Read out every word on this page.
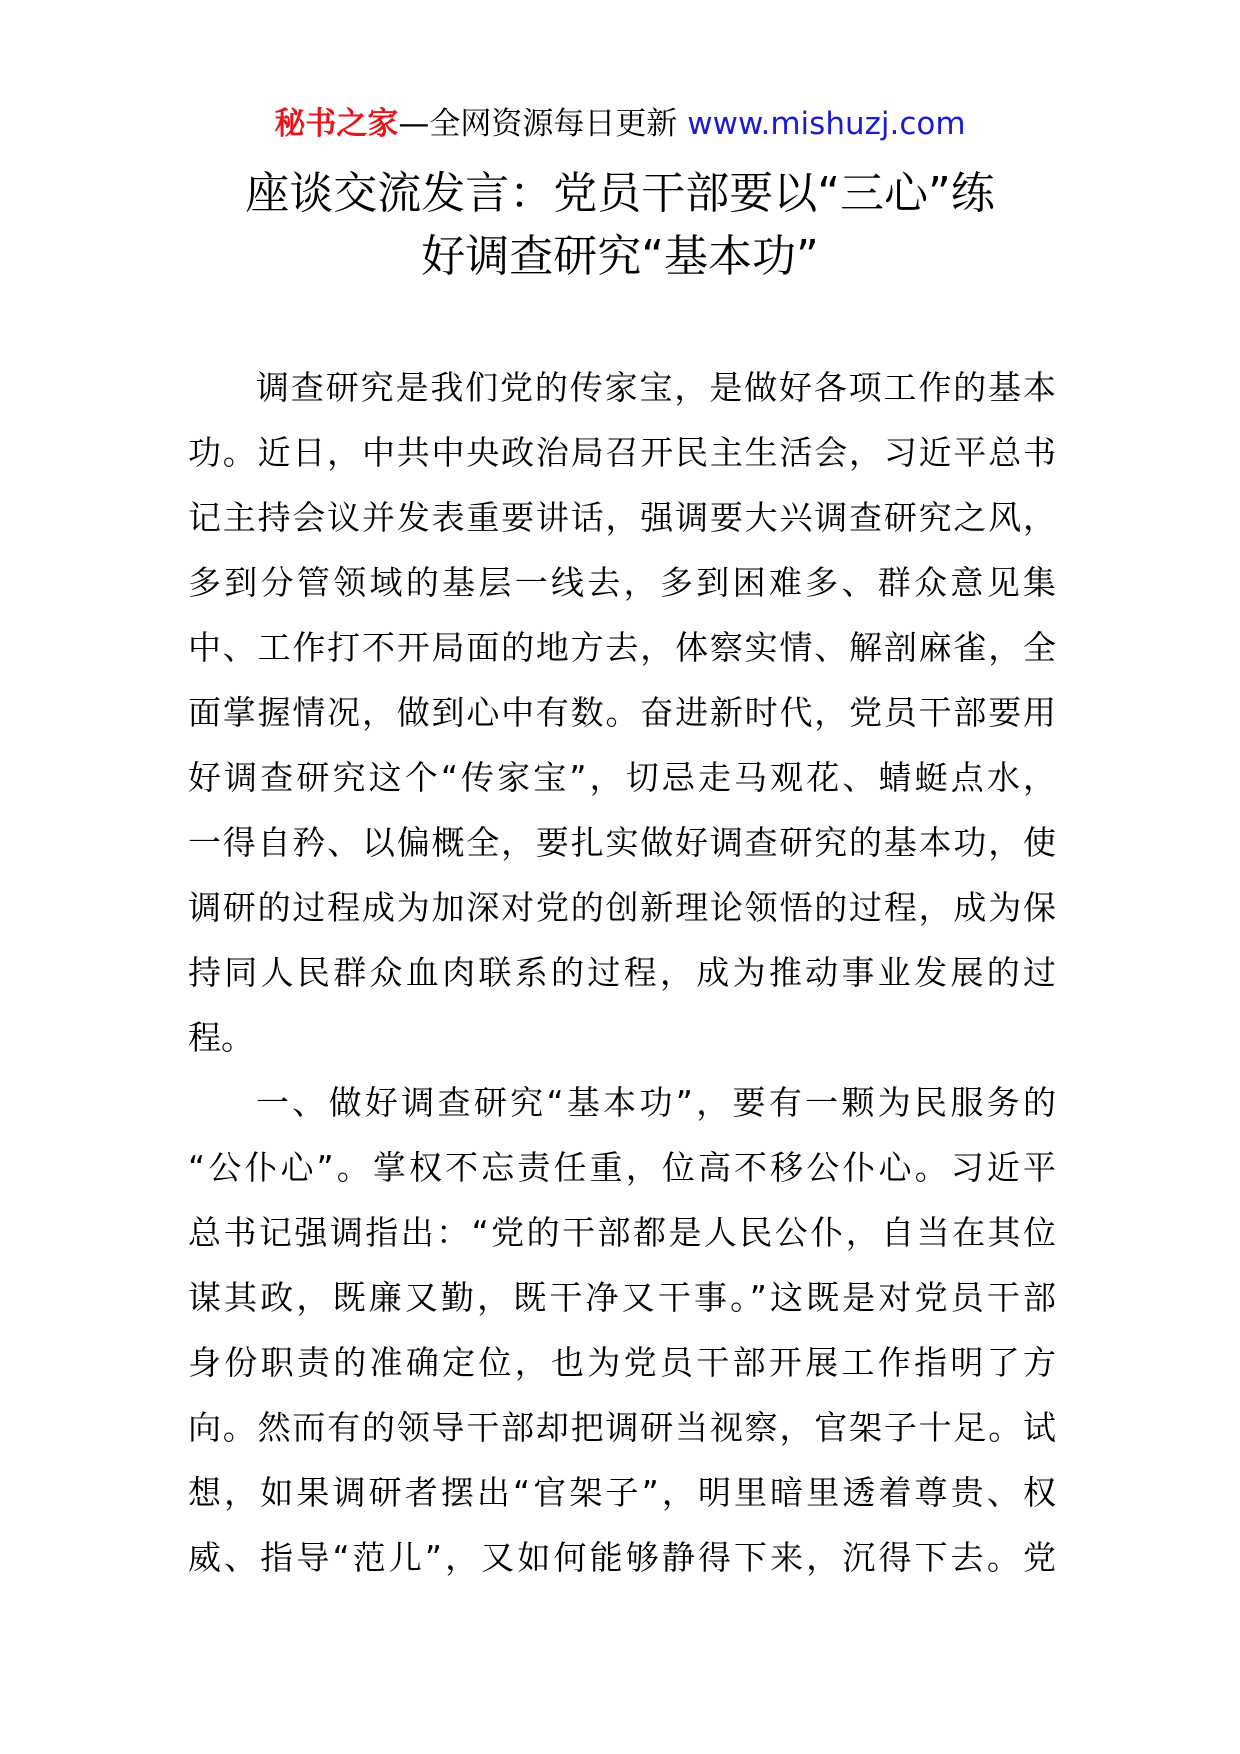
秘书之家—全网资源每日更新 www.mishuzj.com
座谈交流发言：党员干部要以“三心”练
好调查研究“基本功”
调查研究是我们党的传家宝，是做好各项工作的基本
功。近日，中共中央政治局召开民主生活会，习近平总书
记主持会议并发表重要讲话，强调要大兴调查研究之风，
多到分管领域的基层一线去，多到困难多、群众意见集
中、工作打不开局面的地方去，体察实情、解剖麻雀，全
面掌握情况，做到心中有数。奋进新时代，党员干部要用
好调查研究这个“传家宝”，切忌走马观花、蜻蜓点水，
一得自矜、以偏概全，要扎实做好调查研究的基本功，使
调研的过程成为加深对党的创新理论领悟的过程，成为保
持同人民群众血肉联系的过程，成为推动事业发展的过
程。
一、做好调查研究“基本功”，要有一颗为民服务的
“公仆心”。掌权不忘责任重，位高不移公仆心。习近平
总书记强调指出：“党的干部都是人民公仆，自当在其位
谋其政，既廉又勤，既干净又干事。”这既是对党员干部
身份职责的准确定位，也为党员干部开展工作指明了方
向。然而有的领导干部却把调研当视察，官架子十足。试
想，如果调研者摆出“官架子”，明里暗里透着尊贵、权
威、指导“范儿”，又如何能够静得下来，沉得下去。党
